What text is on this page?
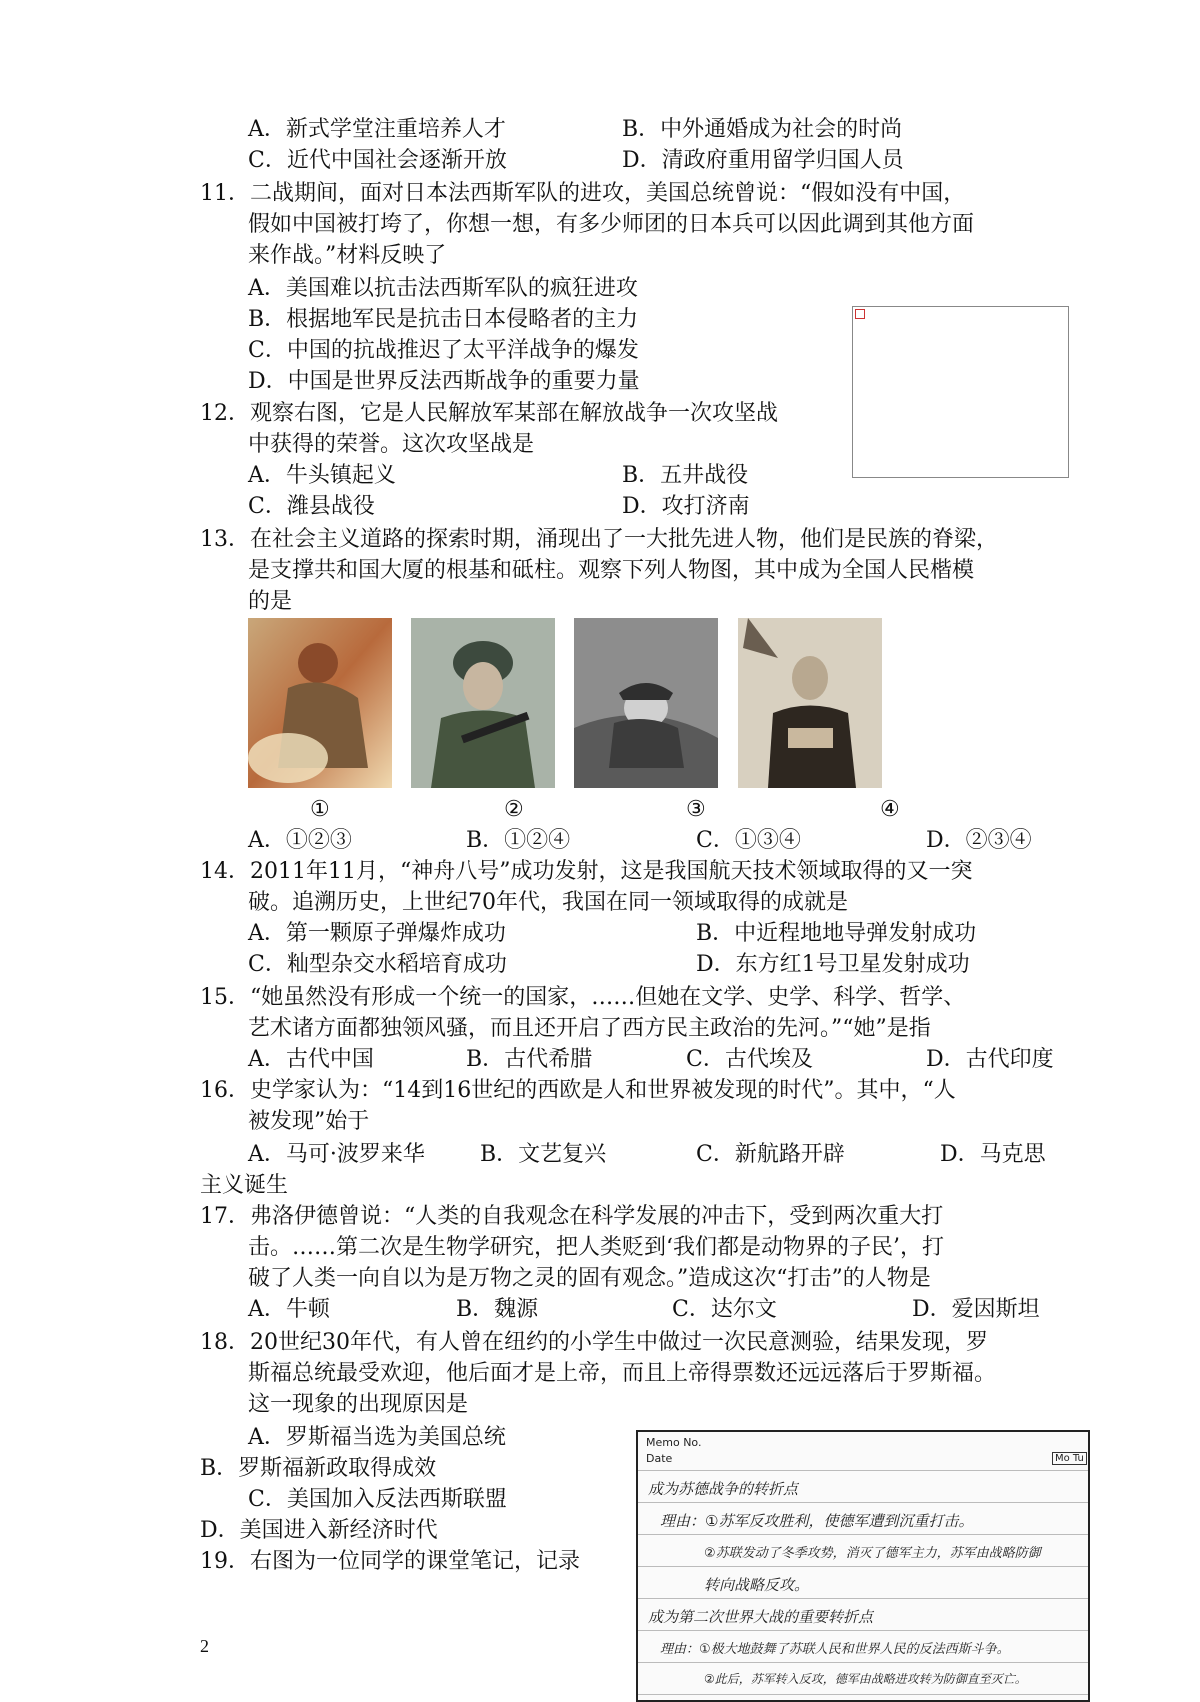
A．新式学堂注重培养人才	B．中外通婚成为社会的时尚
C．近代中国社会逐渐开放	D．清政府重用留学归国人员
11．二战期间，面对日本法西斯军队的进攻，美国总统曾说：“假如没有中国，
假如中国被打垮了，你想一想，有多少师团的日本兵可以因此调到其他方面
来作战。”材料反映了
A．美国难以抗击法西斯军队的疯狂进攻
B．根据地军民是抗击日本侵略者的主力
C．中国的抗战推迟了太平洋战争的爆发
D．中国是世界反法西斯战争的重要力量
12．观察右图，它是人民解放军某部在解放战争一次攻坚战
中获得的荣誉。这次攻坚战是
A．牛头镇起义	B．五井战役
C．潍县战役	D．攻打济南
13．在社会主义道路的探索时期，涌现出了一大批先进人物，他们是民族的脊梁，
是支撑共和国大厦的根基和砥柱。观察下列人物图，其中成为全国人民楷模
的是
①	②	③	④
A．①②③	B．①②④	C．①③④	D．②③④
14．2011年11月，“神舟八号”成功发射，这是我国航天技术领域取得的又一突
破。追溯历史，上世纪70年代，我国在同一领域取得的成就是
A．第一颗原子弹爆炸成功	B．中近程地地导弹发射成功
C．籼型杂交水稻培育成功	D．东方红1号卫星发射成功
15．“她虽然没有形成一个统一的国家，……但她在文学、史学、科学、哲学、
艺术诸方面都独领风骚，而且还开启了西方民主政治的先河。”“她”是指
A．古代中国	B．古代希腊	C．古代埃及	D．古代印度
16．史学家认为：“14到16世纪的西欧是人和世界被发现的时代”。其中，“人
被发现”始于
A．马可·波罗来华	B．文艺复兴	C．新航路开辟	D．马克思
主义诞生
17．弗洛伊德曾说：“人类的自我观念在科学发展的冲击下，受到两次重大打
击。……第二次是生物学研究，把人类贬到‘我们都是动物界的子民’，打
破了人类一向自以为是万物之灵的固有观念。”造成这次“打击”的人物是
A．牛顿	B．魏源	C．达尔文	D．爱因斯坦
18．20世纪30年代，有人曾在纽约的小学生中做过一次民意测验，结果发现，罗
斯福总统最受欢迎，他后面才是上帝，而且上帝得票数还远远落后于罗斯福。
这一现象的出现原因是
A．罗斯福当选为美国总统
B．罗斯福新政取得成效
C．美国加入反法西斯联盟
D．美国进入新经济时代
19．右图为一位同学的课堂笔记，记录
Memo No.
Date	Mo Tu
成为苏德战争的转折点
理由：①苏军反攻胜利，使德军遭到沉重打击。
②苏联发动了冬季攻势，消灭了德军主力，苏军由战略防御
转向战略反攻。
成为第二次世界大战的重要转折点
理由：①极大地鼓舞了苏联人民和世界人民的反法西斯斗争。
②此后，苏军转入反攻，德军由战略进攻转为防御直至灭亡。
2
